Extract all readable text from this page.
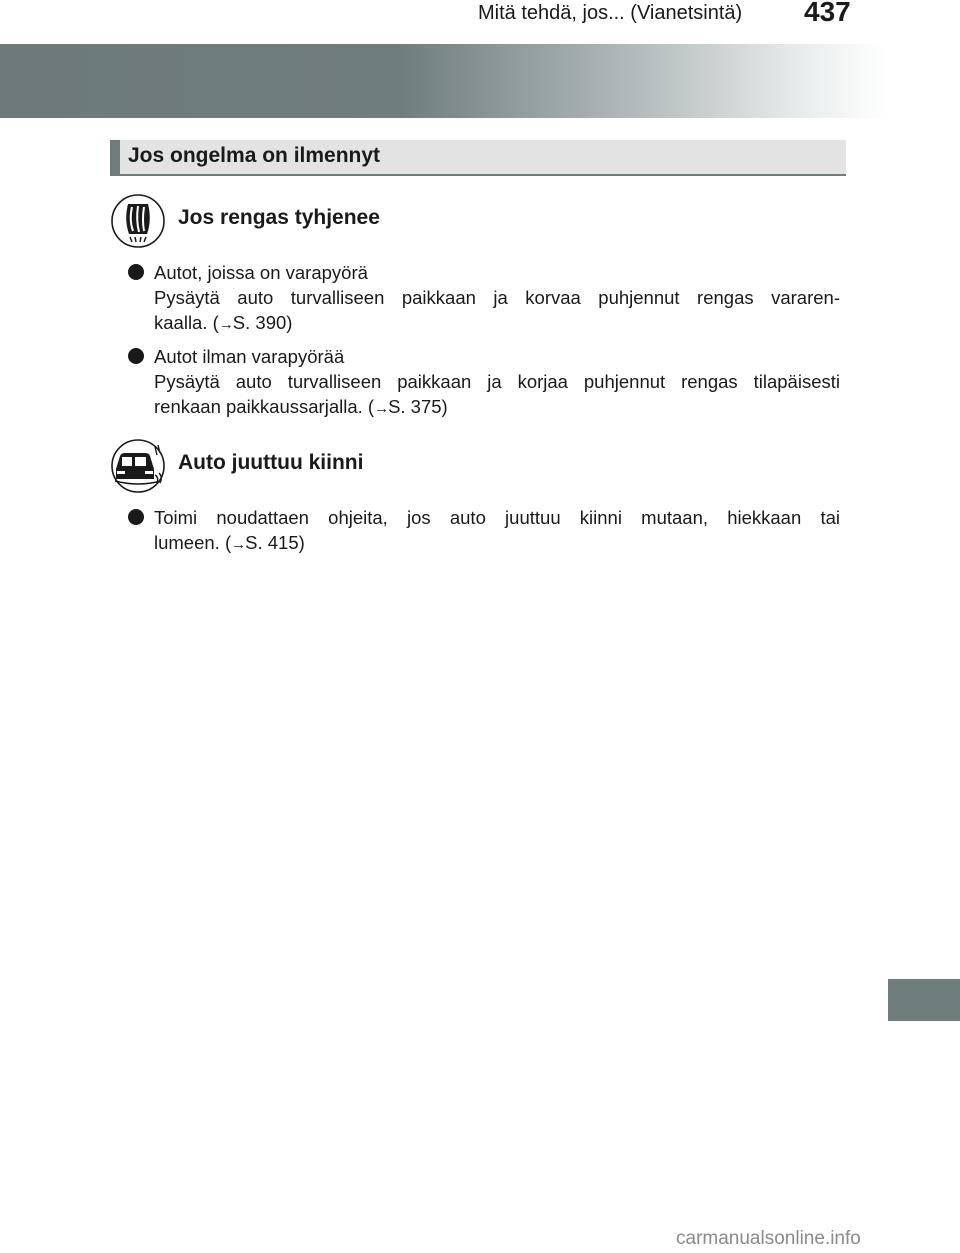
Mitä tehdä, jos... (Vianetsintä) 437
Jos ongelma on ilmennyt
Jos rengas tyhjenee
Autot, joissa on varapyörä
Pysäytä auto turvalliseen paikkaan ja korvaa puhjennut rengas vararen-
kaalla. (→S. 390)
Autot ilman varapyörää
Pysäytä auto turvalliseen paikkaan ja korjaa puhjennut rengas tilapäisesti
renkaan paikkaussarjalla. (→S. 375)
Auto juuttuu kiinni
Toimi noudattaen ohjeita, jos auto juuttuu kiinni mutaan, hiekkaan tai
lumeen. (→S. 415)
carmanualsonline.info
